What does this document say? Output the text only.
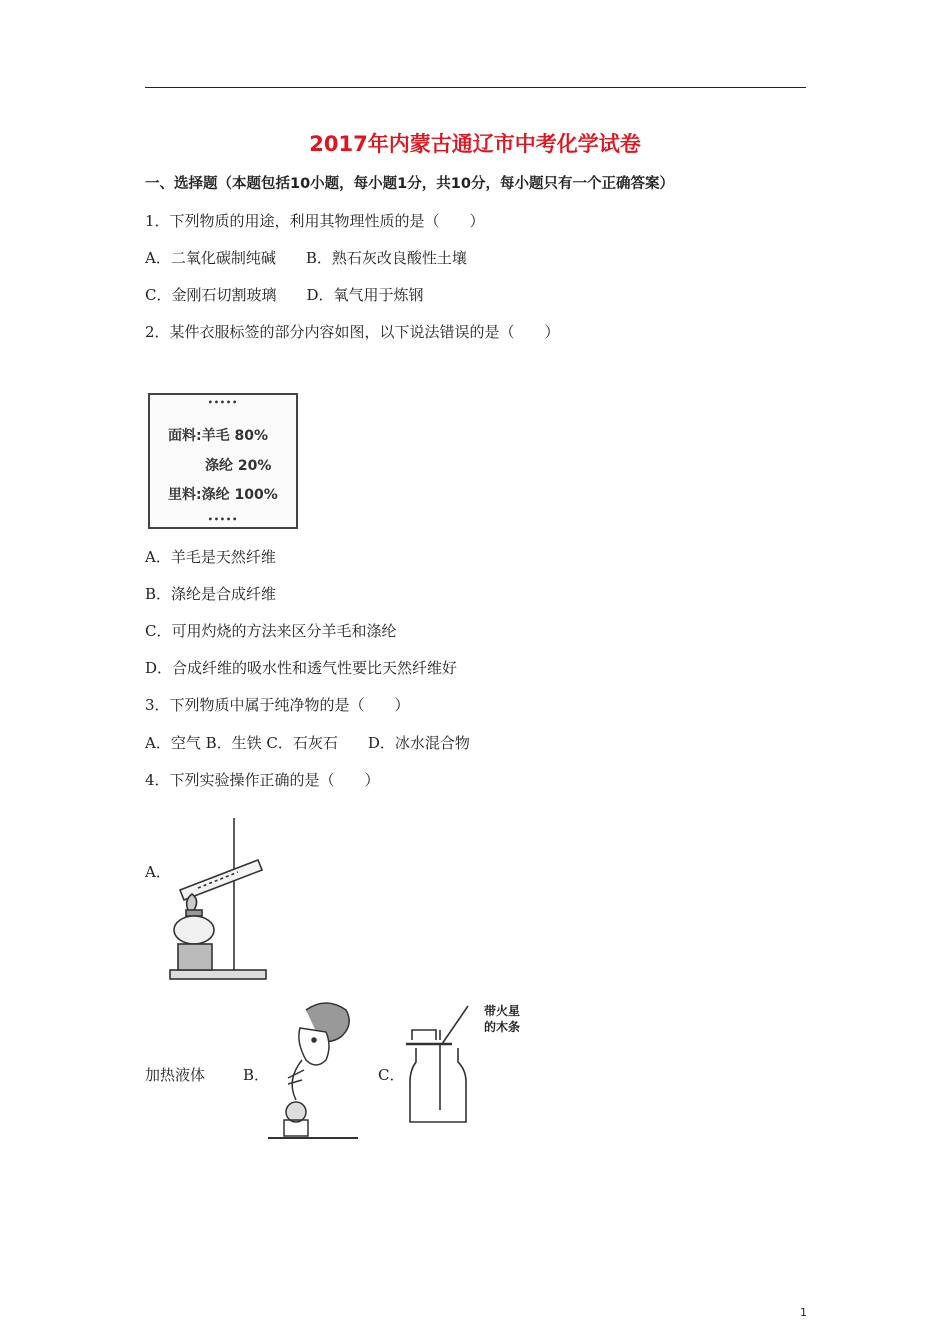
2017年内蒙古通辽市中考化学试卷
一、选择题（本题包括10小题，每小题1分，共10分，每小题只有一个正确答案）
1．下列物质的用途，利用其物理性质的是（　　）
A．二氧化碳制纯碱　　B．熟石灰改良酸性土壤
C．金刚石切割玻璃　　D．氧气用于炼钢
2．某件衣服标签的部分内容如图，以下说法错误的是（　　）
•••••
面料:羊毛 80%
涤纶 20%
里料:涤纶 100%
•••••
A．羊毛是天然纤维
B．涤纶是合成纤维
C．可用灼烧的方法来区分羊毛和涤纶
D．合成纤维的吸水性和透气性要比天然纤维好
3．下列物质中属于纯净物的是（　　）
A．空气 B．生铁 C．石灰石　　D．冰水混合物
4．下列实验操作正确的是（　　）
A．
加热液体	B．	C．
带火星
的木条
1
